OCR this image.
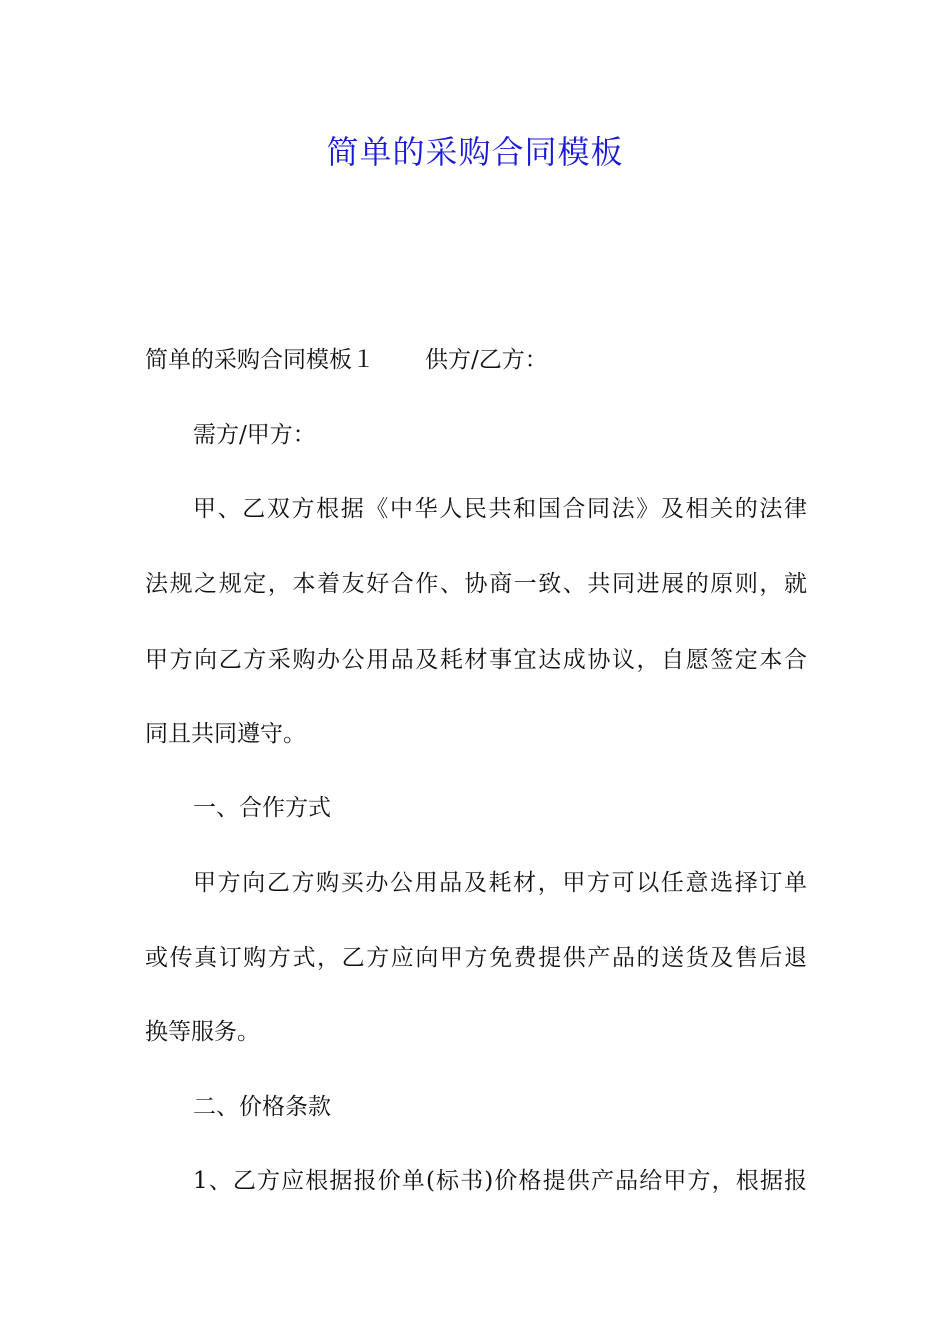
简单的采购合同模板
简单的采购合同模板１ 供方/乙方：
需方/甲方：
甲、乙双方根据《中华人民共和国合同法》及相关的法律
法规之规定，本着友好合作、协商一致、共同进展的原则，就
甲方向乙方采购办公用品及耗材事宜达成协议，自愿签定本合
同且共同遵守。
一、合作方式
甲方向乙方购买办公用品及耗材，甲方可以任意选择订单
或传真订购方式，乙方应向甲方免费提供产品的送货及售后退
换等服务。
二、价格条款
1、乙方应根据报价单(标书)价格提供产品给甲方，根据报
